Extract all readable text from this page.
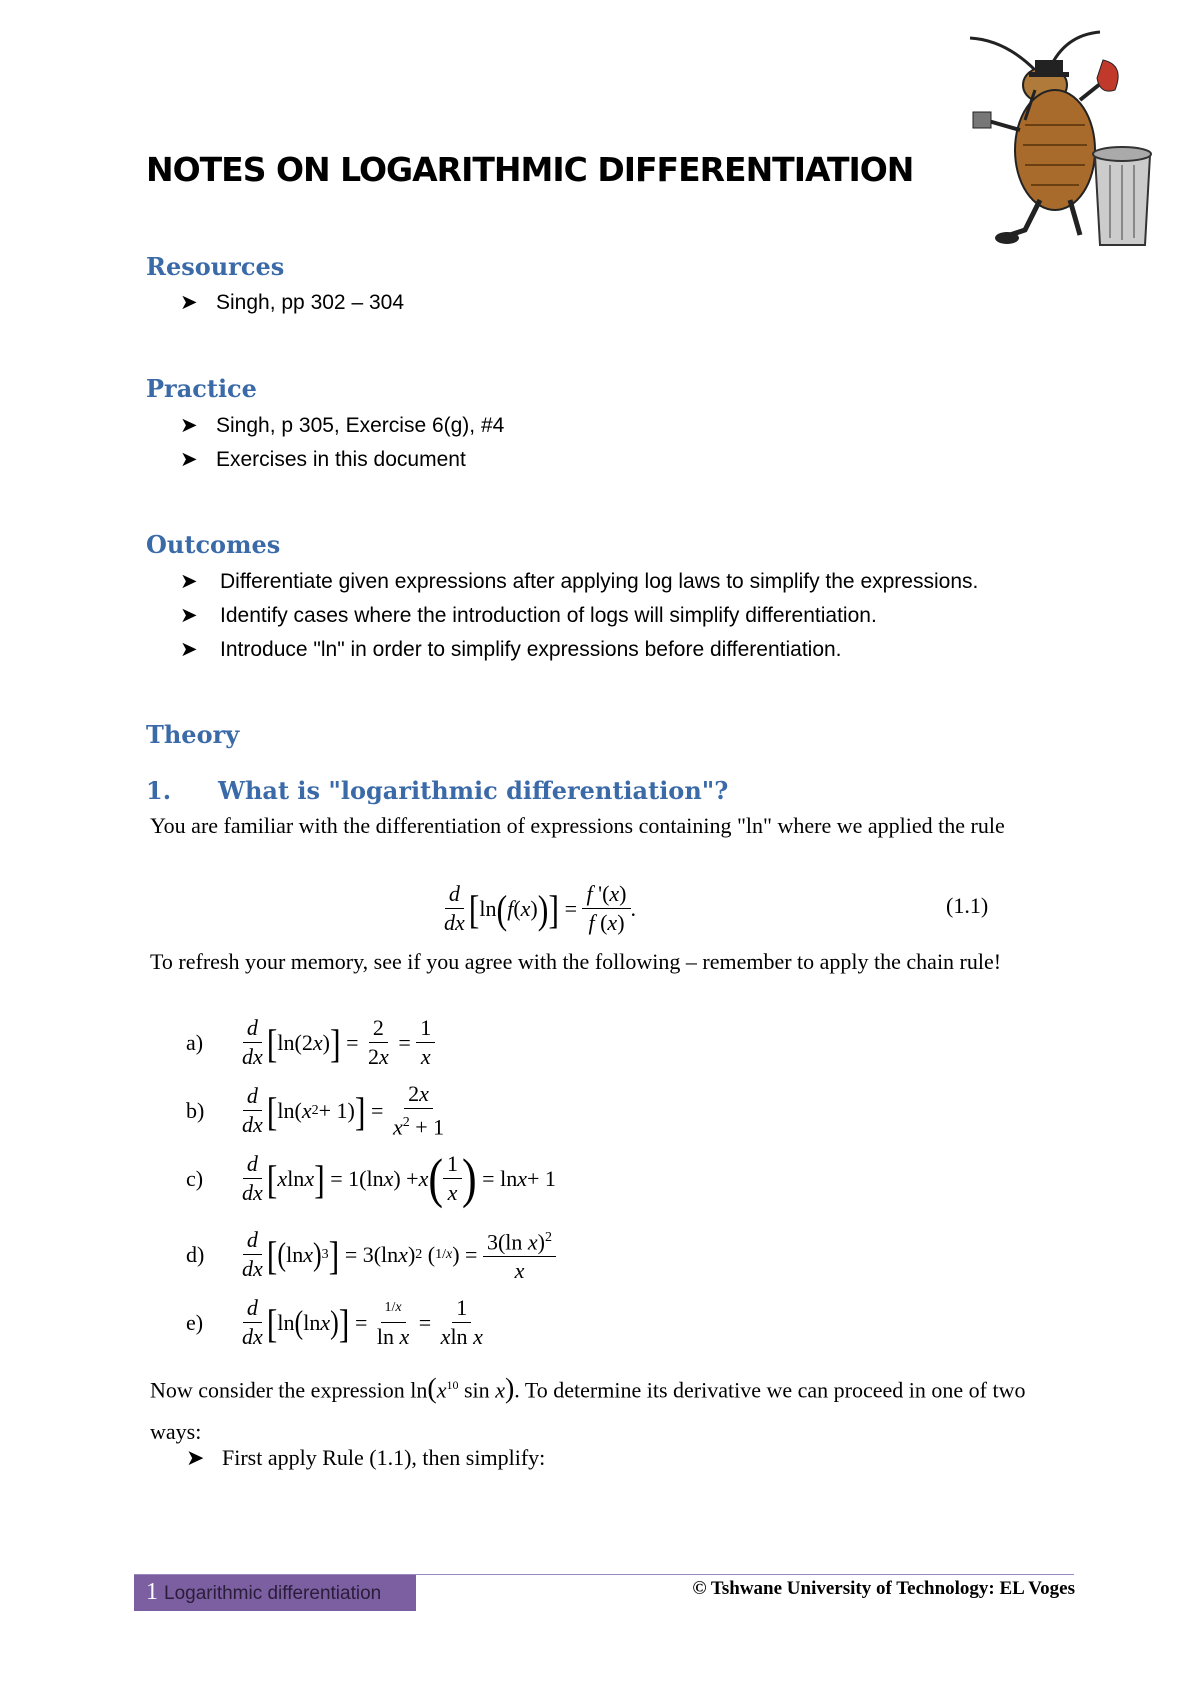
NOTES ON LOGARITHMIC DIFFERENTIATION
Resources
➤ Singh, pp 302 – 304
Practice
➤ Singh, p 305, Exercise 6(g), #4
➤ Exercises in this document
Outcomes
➤ Differentiate given expressions after applying log laws to simplify the expressions.
➤ Identify cases where the introduction of logs will simplify differentiation.
➤ Introduce "ln" in order to simplify expressions before differentiation.
Theory
1. What is "logarithmic differentiation"?
You are familiar with the differentiation of expressions containing "ln" where we applied the rule
$\frac{d}{dx}$ [ ln ( f ( x ) ) ] = $\frac{f '(x)}{f (x)}$ .	(1.1)
To refresh your memory, see if you agree with the following – remember to apply the chain rule!
a)	$\frac{d}{dx}$ [ ln(2 x ) ] = $\frac{2}{2x} = \frac{1}{x}$
b)	$\frac{d}{dx}$ [ ln( x 2 + 1) ] = $\frac{2x}{x^2 + 1}$
c)	$\frac{d}{dx}$ [ x ln x ] = 1(ln x ) + x ( $\frac{1}{x}$ ) = ln x + 1
d)	$\frac{d}{dx}$ [ ( ln x ) 3 ] = 3(ln x ) 2 ( 1/x ) = $\frac{3(\ln x)^2}{x}$
e)	$\frac{d}{dx}$ [ ln ( ln x ) ] = $\frac{1/x}{\text{ln x}} = \frac{1}{\text{xln x}}$
Now consider the expression $\ln(x^{10}$ sin x). To determine its derivative we can proceed in one of two ways:
➤ First apply Rule (1.1), then simplify:
1 Logarithmic differentiation	© Tshwane University of Technology: EL Voges
